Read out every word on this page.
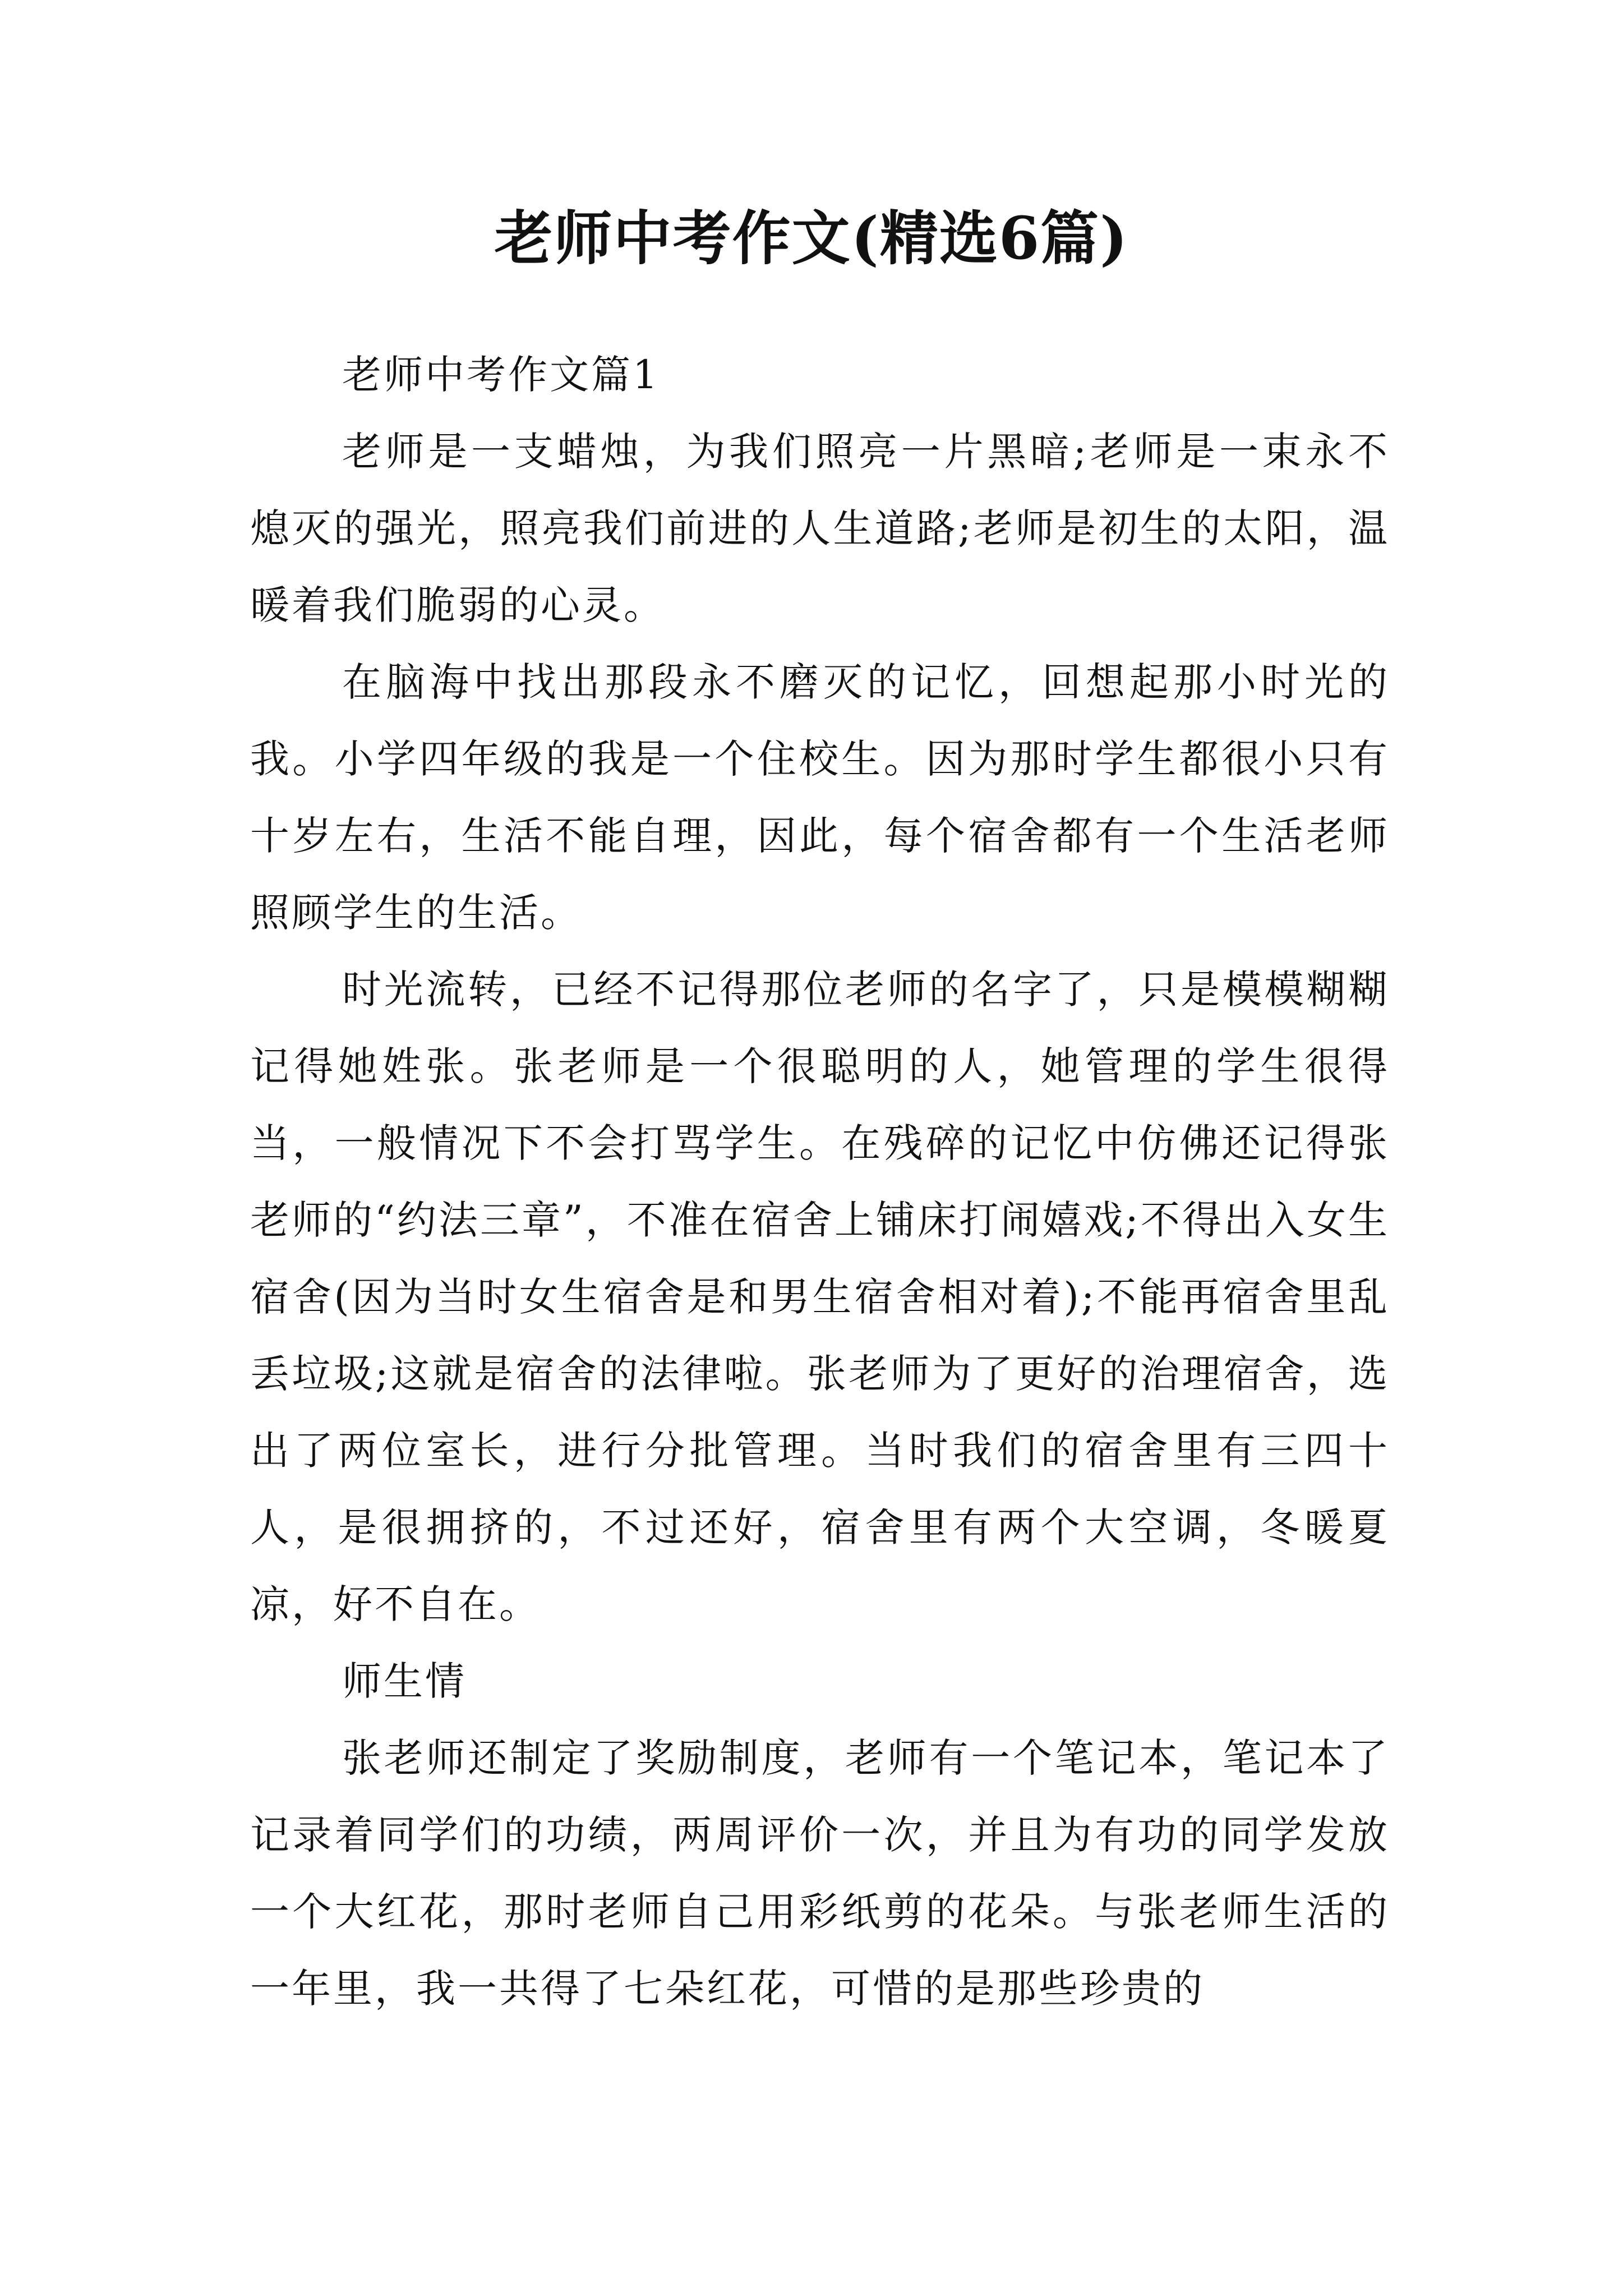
老师中考作文(精选6篇)

老师中考作文篇1

老师是一支蜡烛，为我们照亮一片黑暗;老师是一束永不熄灭的强光，照亮我们前进的人生道路;老师是初生的太阳，温暖着我们脆弱的心灵。

在脑海中找出那段永不磨灭的记忆，回想起那小时光的我。小学四年级的我是一个住校生。因为那时学生都很小只有十岁左右，生活不能自理，因此，每个宿舍都有一个生活老师照顾学生的生活。

时光流转，已经不记得那位老师的名字了，只是模模糊糊记得她姓张。张老师是一个很聪明的人，她管理的学生很得当，一般情况下不会打骂学生。在残碎的记忆中仿佛还记得张老师的“约法三章”，不准在宿舍上铺床打闹嬉戏;不得出入女生宿舍(因为当时女生宿舍是和男生宿舍相对着);不能再宿舍里乱丢垃圾;这就是宿舍的法律啦。张老师为了更好的治理宿舍，选出了两位室长，进行分批管理。当时我们的宿舍里有三四十人，是很拥挤的，不过还好，宿舍里有两个大空调，冬暖夏凉，好不自在。

师生情

张老师还制定了奖励制度，老师有一个笔记本，笔记本了记录着同学们的功绩，两周评价一次，并且为有功的同学发放一个大红花，那时老师自己用彩纸剪的花朵。与张老师生活的一年里，我一共得了七朵红花，可惜的是那些珍贵的
